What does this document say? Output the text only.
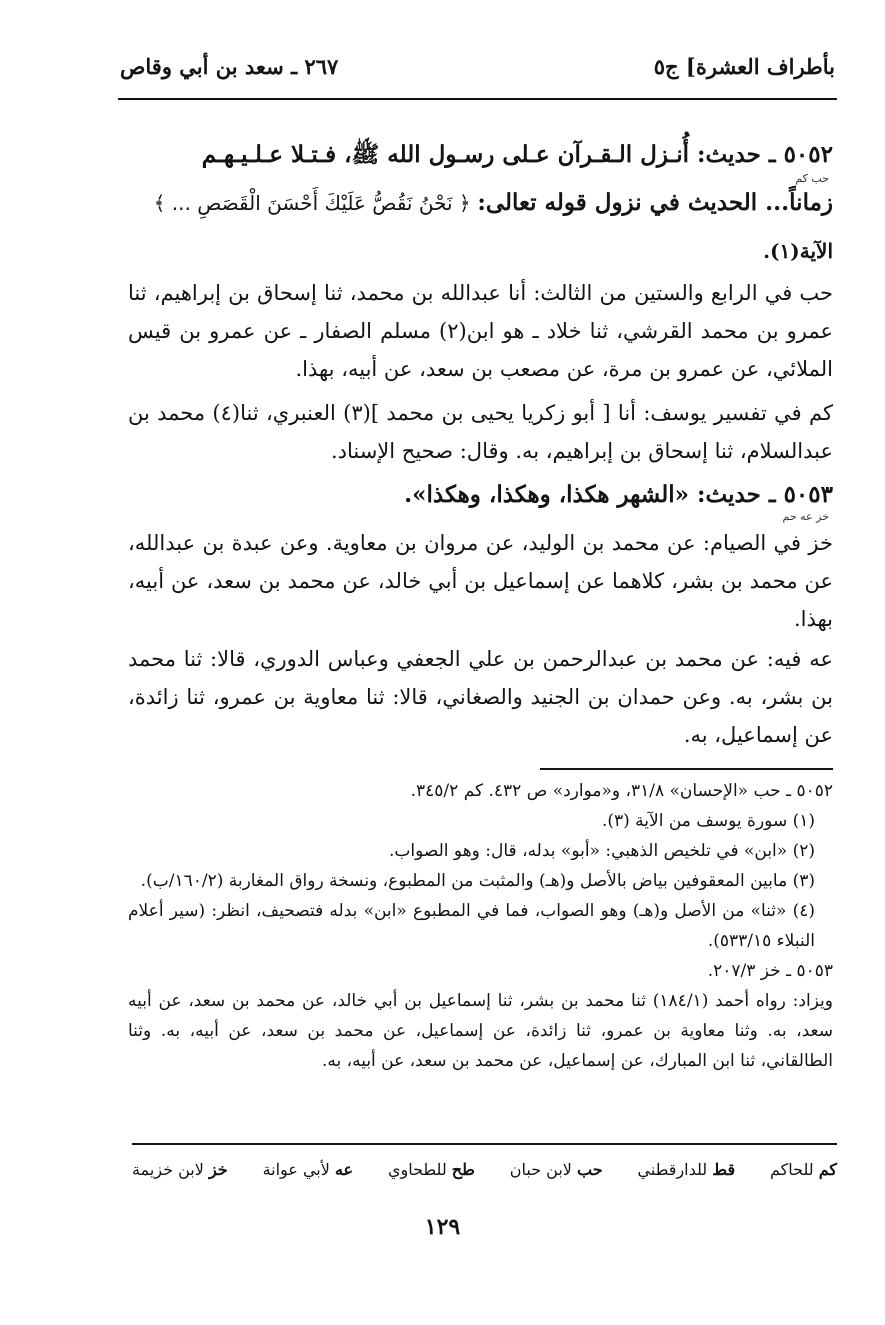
بأطراف العشرة] ج٥
٢٦٧ ـ سعد بن أبي وقاص
٥٠٥٢ ـ حديث: أُنـزل الـقـرآن عـلى رسـول الله ﷺ، فـتـلا عـلـيـهـم
حب كم
زماناً... الحديث في نزول قوله تعالى: ﴿ نَحْنُ نَقُصُّ عَلَيْكَ أَحْسَنَ الْقَصَصِ ... ﴾
الآية(١).
حب في الرابع والستين من الثالث: أنا عبدالله بن محمد، ثنا إسحاق بن إبراهيم، ثنا عمرو بن محمد القرشي، ثنا خلاد ـ هو ابن(٢) مسلم الصفار ـ عن عمرو بن قيس الملائي، عن عمرو بن مرة، عن مصعب بن سعد، عن أبيه، بهذا.
كم في تفسير يوسف: أنا [ أبو زكريا يحيى بن محمد ](٣) العنبري، ثنا(٤) محمد بن عبدالسلام، ثنا إسحاق بن إبراهيم، به. وقال: صحيح الإسناد.
٥٠٥٣ ـ حديث: «الشهر هكذا، وهكذا، وهكذا».
خز عه حم
خز في الصيام: عن محمد بن الوليد، عن مروان بن معاوية. وعن عبدة بن عبدالله، عن محمد بن بشر، كلاهما عن إسماعيل بن أبي خالد، عن محمد بن سعد، عن أبيه، بهذا.
عه فيه: عن محمد بن عبدالرحمن بن علي الجعفي وعباس الدوري، قالا: ثنا محمد بن بشر، به. وعن حمدان بن الجنيد والصغاني، قالا: ثنا معاوية بن عمرو، ثنا زائدة، عن إسماعيل، به.

٥٠٥٢ ـ حب «الإحسان» ٣١/٨، و«موارد» ص ٤٣٢. كم ٣٤٥/٢.

(١) سورة يوسف من الآية (٣).

(٢) «ابن» في تلخيص الذهبي: «أبو» بدله، قال: وهو الصواب.

(٣) مابين المعقوفين بياض بالأصل و(هـ) والمثبت من المطبوع، ونسخة رواق المغاربة (١٦٠/٢/ب).

(٤) «ثنا» من الأصل و(هـ) وهو الصواب، فما في المطبوع «ابن» بدله فتصحيف، انظر: (سير أعلام النبلاء ٥٣٣/١٥).

٥٠٥٣ ـ خز ٢٠٧/٣.

ويزاد: رواه أحمد (١٨٤/١) ثنا محمد بن بشر، ثنا إسماعيل بن أبي خالد، عن محمد بن سعد، عن أبيه سعد، به. وثنا معاوية بن عمرو، ثنا زائدة، عن إسماعيل، عن محمد بن سعد، عن أبيه، به. وثنا الطالقاني، ثنا ابن المبارك، عن إسماعيل، عن محمد بن سعد، عن أبيه، به.

خز لابن خزيمة	عه لأبي عوانة	طح للطحاوي	حب لابن حبان	قط للدارقطني	كم للحاكم
١٢٩
